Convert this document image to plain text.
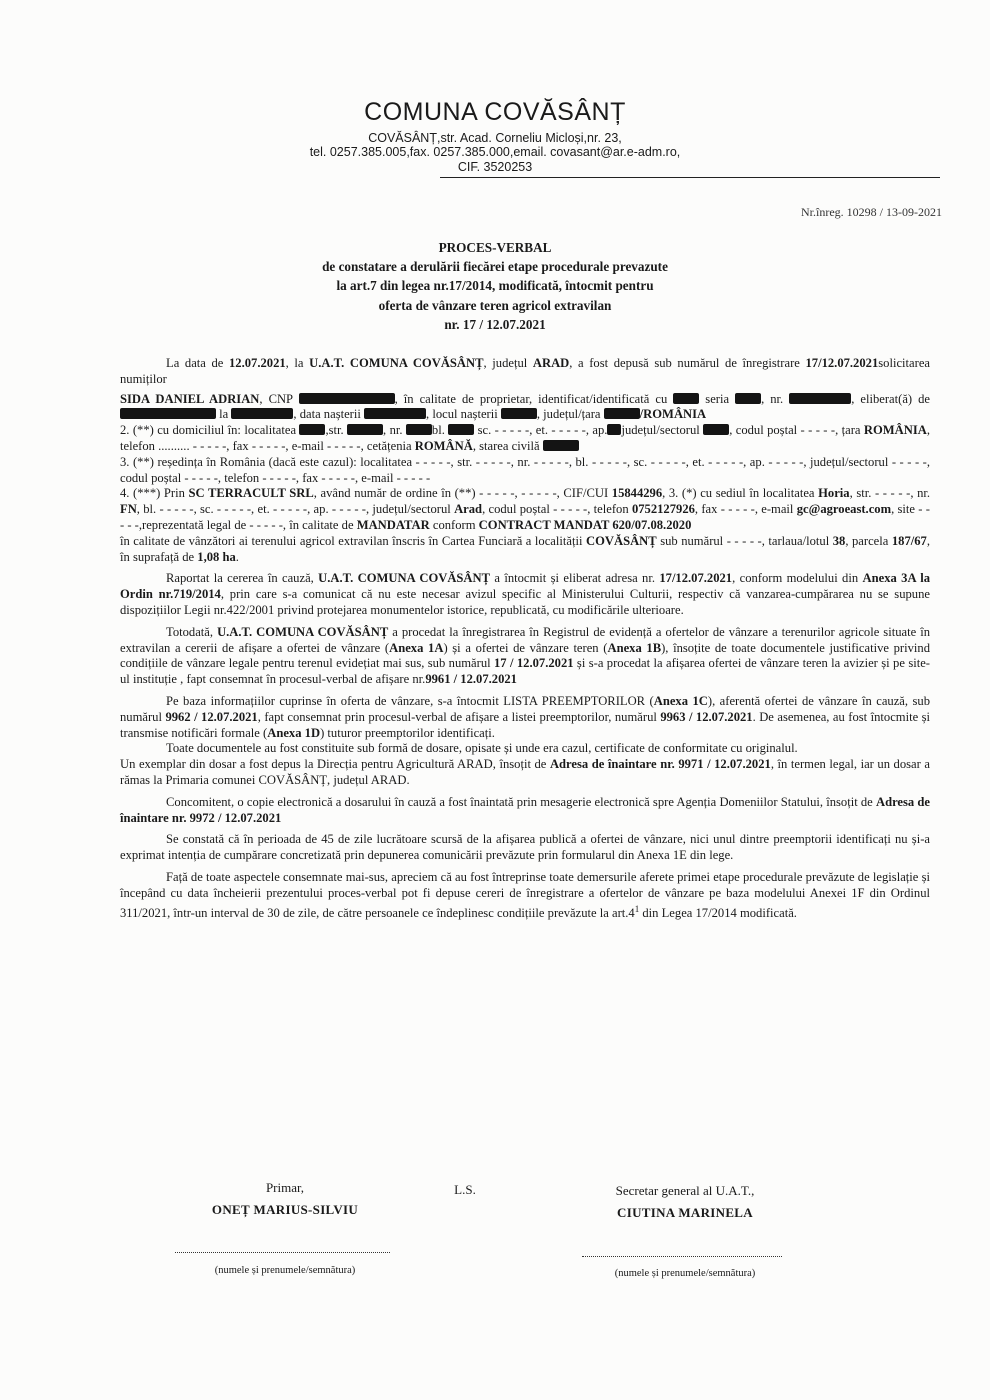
COMUNA COVĂSÂNȚ
COVĂSÂNȚ,str. Acad. Corneliu Micloși,nr. 23,
tel. 0257.385.005,fax. 0257.385.000,email. covasant@ar.e-adm.ro,
CIF. 3520253
Nr.înreg. 10298 / 13-09-2021
PROCES-VERBAL
de constatare a derulării fiecărei etape procedurale prevazute
la art.7 din legea nr.17/2014, modificată, întocmit pentru
oferta de vânzare teren agricol extravilan
nr. 17 / 12.07.2021

La data de 12.07.2021, la U.A.T. COMUNA COVĂSÂNȚ, județul ARAD, a fost depusă sub numărul de înregistrare 17/12.07.2021solicitarea numiților

SIDA DANIEL ADRIAN, CNP	, în calitate de proprietar, identificat/identificată cu  seria , nr.	, eliberat(ă) de  la	, data nașterii	, locul nașterii	, județul/țara	/ROMÂNIA

2. (**) cu domiciliul în: localitatea ,str.	, nr. bl.  sc. - - - - -, et. - - - - -, ap. județul/sectorul , codul poștal - - - - -, țara ROMÂNIA, telefon .......... - - - - -, fax - - - - -, e-mail - - - - -, cetățenia ROMÂNĂ, starea civilă

3. (**) reședința în România (dacă este cazul): localitatea - - - - -, str. - - - - -, nr. - - - - -, bl. - - - - -, sc. - - - - -, et. - - - - -, ap. - - - - -, județul/sectorul - - - - -, codul poștal - - - - -, telefon - - - - -, fax - - - - -, e-mail - - - - -

4. (***) Prin SC TERRACULT SRL, având număr de ordine în (**) - - - - -, - - - - -, CIF/CUI 15844296, 3. (*) cu sediul în localitatea Horia, str. - - - - -, nr. FN, bl. - - - - -, sc. - - - - -, et. - - - - -, ap. - - - - -, județul/sectorul Arad, codul poștal - - - - -, telefon 0752127926, fax - - - - -, e-mail gc@agroeast.com, site - - - - -,reprezentată legal de - - - - -, în calitate de MANDATAR conform CONTRACT MANDAT 620/07.08.2020

în calitate de vânzători ai terenului agricol extravilan înscris în Cartea Funciară a localității COVĂSÂNȚ sub numărul - - - - -, tarlaua/lotul 38, parcela 187/67, în suprafață de 1,08 ha.

Raportat la cererea în cauză, U.A.T. COMUNA COVĂSÂNȚ a întocmit și eliberat adresa nr. 17/12.07.2021, conform modelului din Anexa 3A la Ordin nr.719/2014, prin care s-a comunicat că nu este necesar avizul specific al Ministerului Culturii, respectiv că vanzarea-cumpărarea nu se supune dispozițiilor Legii nr.422/2001 privind protejarea monumentelor istorice, republicată, cu modificările ulterioare.

Totodată, U.A.T. COMUNA COVĂSÂNȚ a procedat la înregistrarea în Registrul de evidență a ofertelor de vânzare a terenurilor agricole situate în extravilan a cererii de afișare a ofertei de vânzare (Anexa 1A) și a ofertei de vânzare teren (Anexa 1B), însoțite de toate documentele justificative privind condițiile de vânzare legale pentru terenul evidețiat mai sus, sub numărul 17 / 12.07.2021 și s-a procedat la afișarea ofertei de vânzare teren la avizier și pe site-ul instituție , fapt consemnat în procesul-verbal de afișare nr.9961 / 12.07.2021

Pe baza informațiilor cuprinse în oferta de vânzare, s-a întocmit LISTA PREEMPTORILOR (Anexa 1C), aferentă ofertei de vânzare în cauză, sub numărul 9962 / 12.07.2021, fapt consemnat prin procesul-verbal de afișare a listei preemptorilor, numărul 9963 / 12.07.2021. De asemenea, au fost întocmite și transmise notificări formale (Anexa 1D) tuturor preemptorilor identificați.

Toate documentele au fost constituite sub formă de dosare, opisate și unde era cazul, certificate de conformitate cu originalul.

Un exemplar din dosar a fost depus la Direcția pentru Agricultură ARAD, însoțit de Adresa de înaintare nr. 9971 / 12.07.2021, în termen legal, iar un dosar a rămas la Primaria comunei COVĂSÂNȚ, județul ARAD.

Concomitent, o copie electronică a dosarului în cauză a fost înaintată prin mesagerie electronică spre Agenția Domeniilor Statului, însoțit de Adresa de înaintare nr. 9972 / 12.07.2021

Se constată că în perioada de 45 de zile lucrătoare scursă de la afișarea publică a ofertei de vânzare, nici unul dintre preemptorii identificați nu și-a exprimat intenția de cumpărare concretizată prin depunerea comunicării prevăzute prin formularul din Anexa 1E din lege.

Față de toate aspectele consemnate mai-sus, apreciem că au fost întreprinse toate demersurile aferete primei etape procedurale prevăzute de legislație și începând cu data încheierii prezentului proces-verbal pot fi depuse cereri de înregistrare a ofertelor de vânzare pe baza modelului Anexei 1F din Ordinul 311/2021, într-un interval de 30 de zile, de către persoanele ce îndeplinesc condițiile prevăzute la $art.4^1$ din Legea 17/2014 modificată.

Primar,
ONEȚ MARIUS-SILVIU
L.S.	Secretar general al U.A.T.,
CIUTINA MARINELA
(numele și prenumele/semnătura)	(numele și prenumele/semnătura)
